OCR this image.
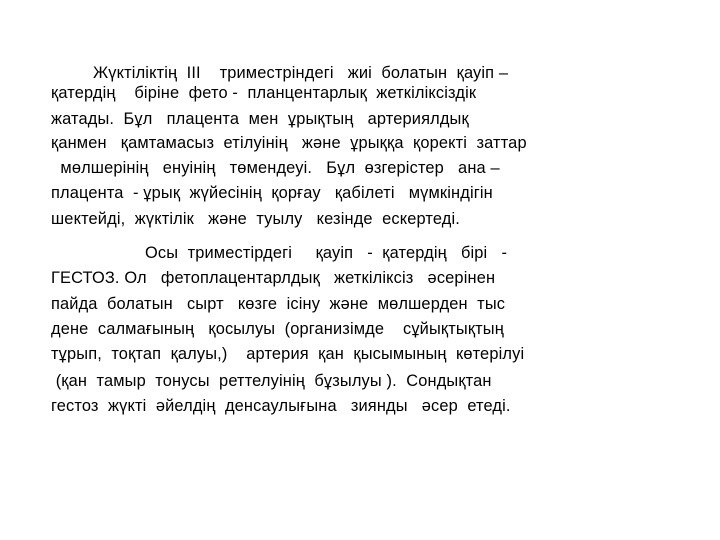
Жүктіліктің  ІІІ    триместріндегі   жиі  болатын  қауіп –
қатердің    біріне  фето -  планцентарлық  жеткіліксіздік
жатады.  Бұл   плацента  мен  ұрықтың   артериялдық
қанмен   қамтамасыз  етілуінің   және  ұрыққа  қоректі  заттар
мөлшерінің   енуінің   төмендеуі.   Бұл  өзгерістер   ана –
плацента  - ұрық  жүйесінің  қорғау   қабілеті   мүмкіндігін
шектейді,  жүктілік   және  туылу   кезінде  ескертеді.
Осы  триместірдегі     қауіп   -  қатердің   бірі   -
ГЕСТОЗ. Ол   фетоплацентарлдық   жеткіліксіз   әсерінен
пайда  болатын   сырт   көзге  ісіну  және  мөлшерден  тыс
дене  салмағының   қосылуы  (организімде    сұйықтықтың
тұрып,  тоқтап  қалуы,)    артерия  қан  қысымының  көтерілуі
(қан  тамыр  тонусы  реттелуінің  бұзылуы ).  Сондықтан
гестоз  жүкті  әйелдің  денсаулығына   зиянды   әсер  етеді.
